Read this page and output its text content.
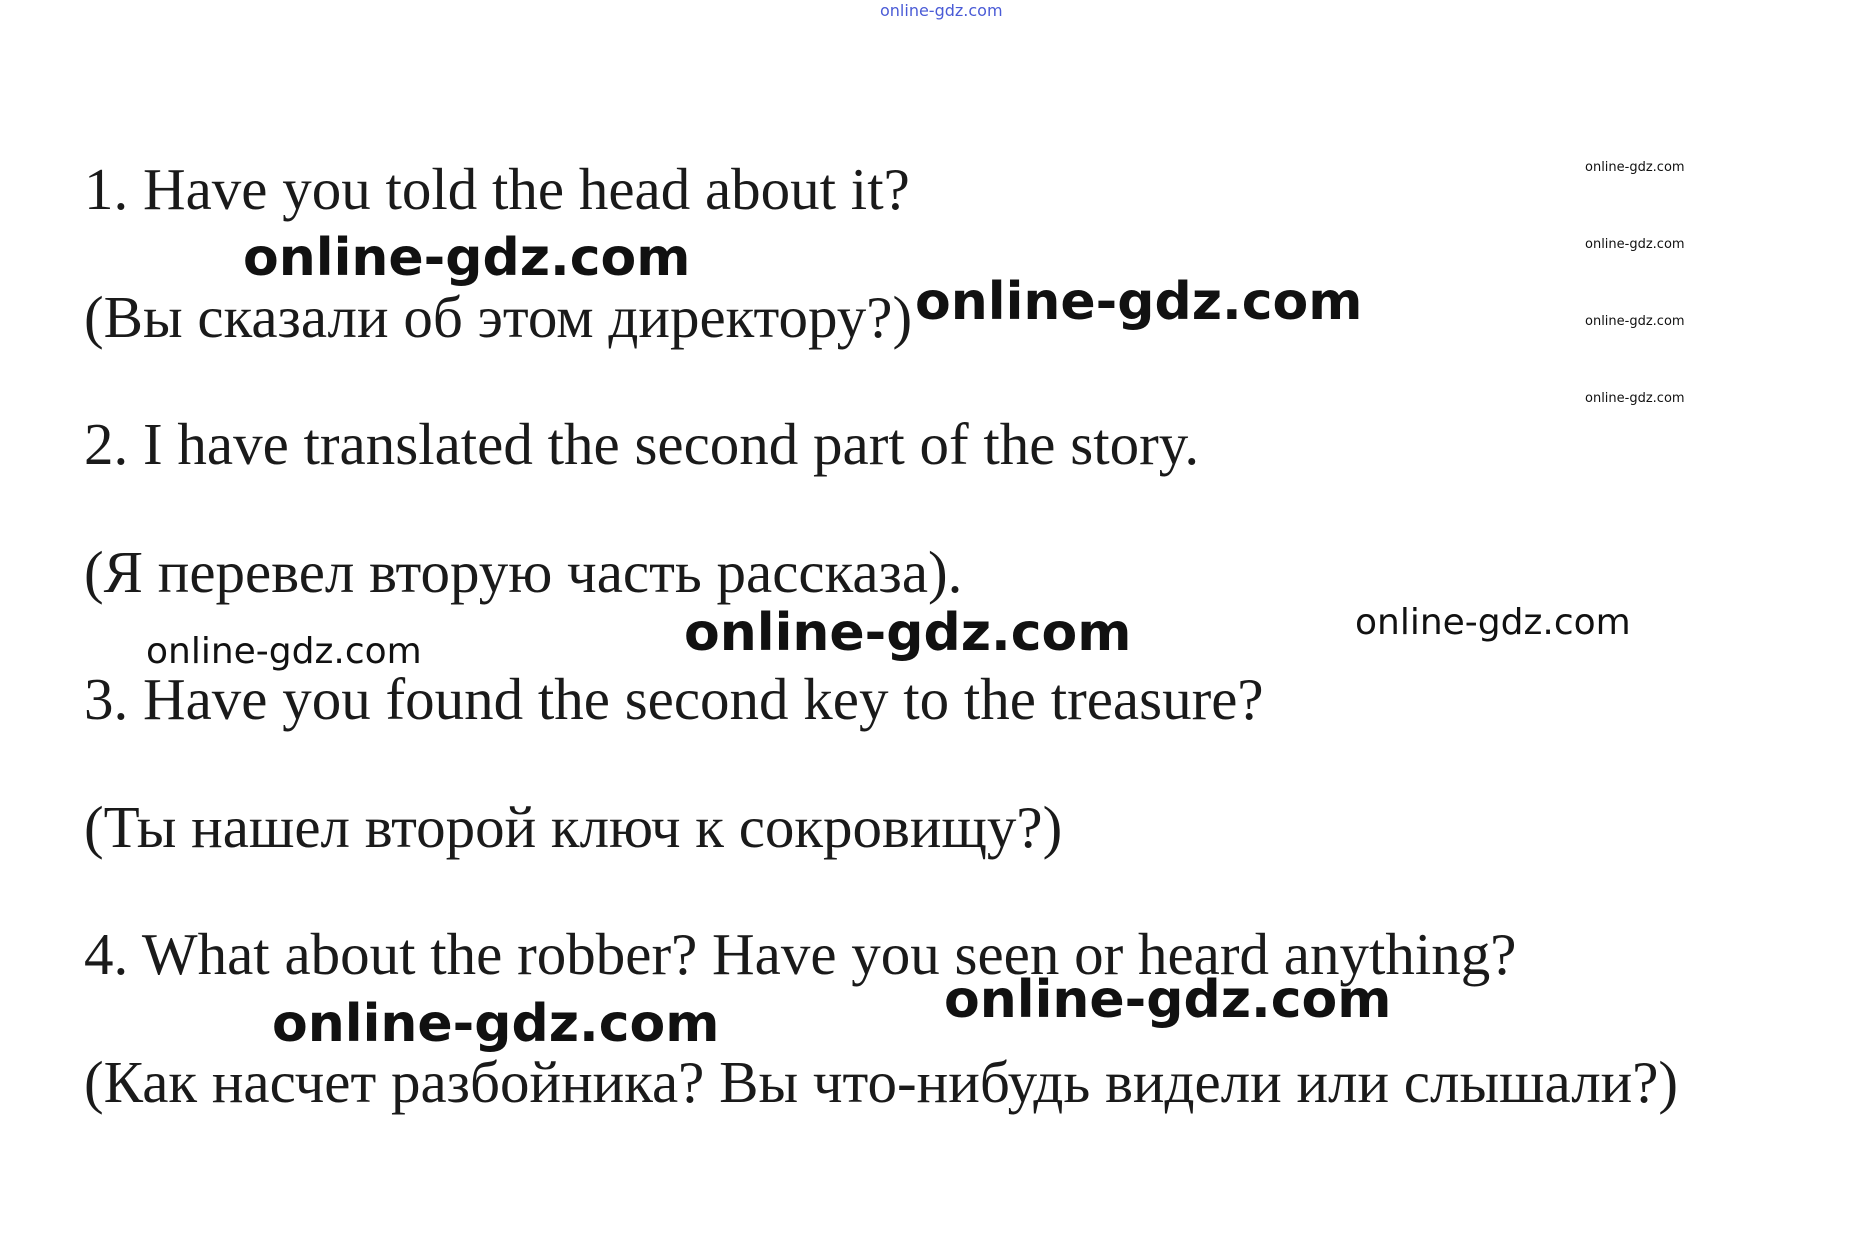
1. Have you told the head about it?
(Вы сказали об этом директору?)
2. I have translated the second part of the story.
(Я перевел вторую часть рассказа).
3. Have you found the second key to the treasure?
(Ты нашел второй ключ к сокровищу?)
4. What about the robber? Have you seen or heard anything?
(Как насчет разбойника? Вы что-нибудь видели или слышали?)
online-gdz.com
online-gdz.com
online-gdz.com
online-gdz.com
online-gdz.com
online-gdz.com
online-gdz.com
online-gdz.com	online-gdz.com
online-gdz.com
online-gdz.com
online-gdz.com
